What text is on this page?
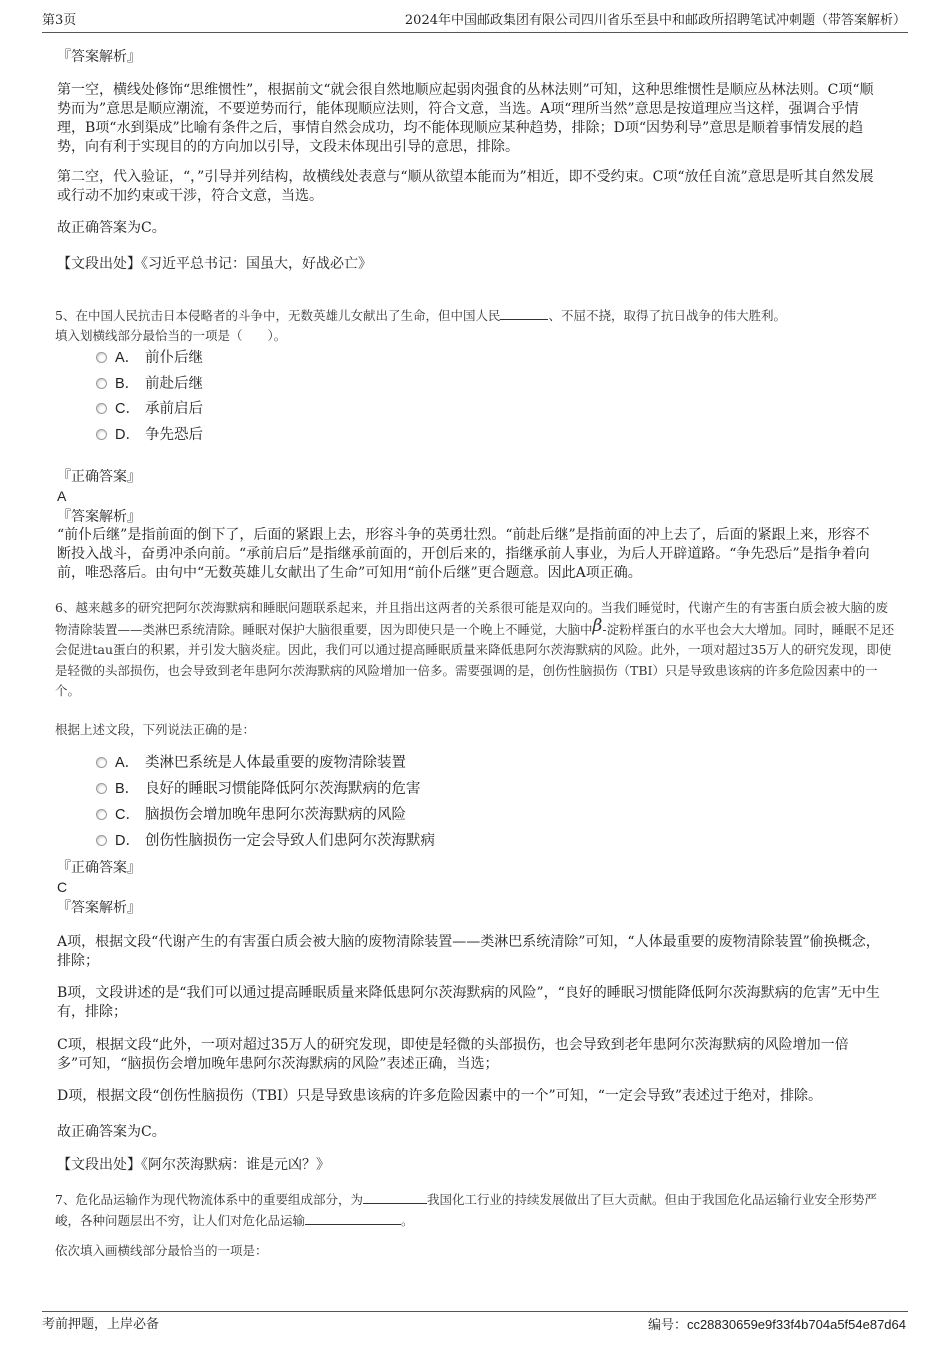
第3页	2024年中国邮政集团有限公司四川省乐至县中和邮政所招聘笔试冲刺题（带答案解析）
『答案解析』
第一空，横线处修饰“思维惯性”，根据前文“就会很自然地顺应起弱肉强食的丛林法则”可知，这种思维惯性是顺应丛林法则。C项“顺势而为”意思是顺应潮流，不要逆势而行，能体现顺应法则，符合文意，当选。A项“理所当然”意思是按道理应当这样，强调合乎情理，B项“水到渠成”比喻有条件之后，事情自然会成功，均不能体现顺应某种趋势，排除；D项“因势利导”意思是顺着事情发展的趋势，向有利于实现目的的方向加以引导，文段未体现出引导的意思，排除。
第二空，代入验证，“，”引导并列结构，故横线处表意与“顺从欲望本能而为”相近，即不受约束。C项“放任自流”意思是听其自然发展或行动不加约束或干涉，符合文意，当选。
故正确答案为C。
【文段出处】《习近平总书记：国虽大，好战必亡》
5、在中国人民抗击日本侵略者的斗争中，无数英雄儿女献出了生命，但中国人民	、不屈不挠，取得了抗日战争的伟大胜利。
填入划横线部分最恰当的一项是（　　）。
A． 前仆后继
B． 前赴后继
C． 承前启后
D． 争先恐后
『正确答案』
A
『答案解析』
“前仆后继”是指前面的倒下了，后面的紧跟上去，形容斗争的英勇壮烈。“前赴后继”是指前面的冲上去了，后面的紧跟上来，形容不断投入战斗，奋勇冲杀向前。“承前启后”是指继承前面的，开创后来的，指继承前人事业，为后人开辟道路。“争先恐后”是指争着向前，唯恐落后。由句中“无数英雄儿女献出了生命”可知用“前仆后继”更合题意。因此A项正确。
6、越来越多的研究把阿尔茨海默病和睡眠问题联系起来，并且指出这两者的关系很可能是双向的。当我们睡觉时，代谢产生的有害蛋白质会被大脑的废物清除装置——类淋巴系统清除。睡眠对保护大脑很重要，因为即使只是一个晚上不睡觉，大脑中β-淀粉样蛋白的水平也会大大增加。同时，睡眠不足还会促进tau蛋白的积累，并引发大脑炎症。因此，我们可以通过提高睡眠质量来降低患阿尔茨海默病的风险。此外，一项对超过35万人的研究发现，即使是轻微的头部损伤，也会导致到老年患阿尔茨海默病的风险增加一倍多。需要强调的是，创伤性脑损伤（TBI）只是导致患该病的许多危险因素中的一个。
根据上述文段，下列说法正确的是：
A． 类淋巴系统是人体最重要的废物清除装置
B． 良好的睡眠习惯能降低阿尔茨海默病的危害
C． 脑损伤会增加晚年患阿尔茨海默病的风险
D． 创伤性脑损伤一定会导致人们患阿尔茨海默病
『正确答案』
C
『答案解析』
A项，根据文段“代谢产生的有害蛋白质会被大脑的废物清除装置——类淋巴系统清除”可知，“人体最重要的废物清除装置”偷换概念，排除；
B项，文段讲述的是“我们可以通过提高睡眠质量来降低患阿尔茨海默病的风险”，“良好的睡眠习惯能降低阿尔茨海默病的危害”无中生有，排除；
C项，根据文段“此外，一项对超过35万人的研究发现，即使是轻微的头部损伤，也会导致到老年患阿尔茨海默病的风险增加一倍多”可知，“脑损伤会增加晚年患阿尔茨海默病的风险”表述正确，当选；
D项，根据文段“创伤性脑损伤（TBI）只是导致患该病的许多危险因素中的一个”可知，“一定会导致”表述过于绝对，排除。
故正确答案为C。
【文段出处】《阿尔茨海默病：谁是元凶？》
7、危化品运输作为现代物流体系中的重要组成部分，为	我国化工行业的持续发展做出了巨大贡献。但由于我国危化品运输行业安全形势严峻，各种问题层出不穷，让人们对危化品运输	。
依次填入画横线部分最恰当的一项是：
考前押题，上岸必备	编号：cc28830659e9f33f4b704a5f54e87d64
